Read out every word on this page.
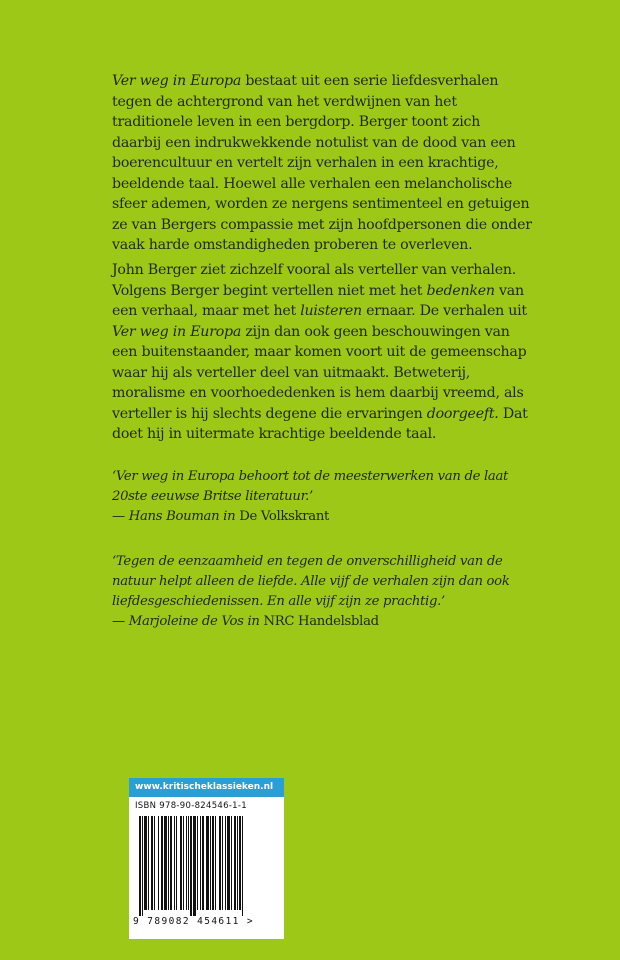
Ver weg in Europa bestaat uit een serie liefdesverhalen tegen de achtergrond van het verdwijnen van het traditionele leven in een bergdorp. Berger toont zich daarbij een indrukwekkende notulist van de dood van een boerencultuur en vertelt zijn verhalen in een krachtige, beeldende taal. Hoewel alle verhalen een melancholische sfeer ademen, worden ze nergens sentimenteel en getuigen ze van Bergers compassie met zijn hoofdpersonen die onder vaak harde omstandigheden proberen te overleven.

John Berger ziet zichzelf vooral als verteller van verhalen. Volgens Berger begint vertellen niet met het bedenken van een verhaal, maar met het luisteren ernaar. De verhalen uit Ver weg in Europa zijn dan ook geen beschouwingen van een buitenstaander, maar komen voort uit de gemeenschap waar hij als verteller deel van uitmaakt. Betweterij, moralisme en voorhoededenken is hem daarbij vreemd, als verteller is hij slechts degene die ervaringen doorgeeft. Dat doet hij in uitermate krachtige beeldende taal.

‘Ver weg in Europa behoort tot de meesterwerken van de laat 20ste eeuwse Britse literatuur.’

— Hans Bouman in De Volkskrant

‘Tegen de eenzaamheid en tegen de onverschilligheid van de natuur helpt alleen de liefde. Alle vijf de verhalen zijn dan ook liefdesgeschiedenissen. En alle vijf zijn ze prachtig.’

— Marjoleine de Vos in NRC Handelsblad

www.kritischeklassieken.nl
ISBN 978-90-824546-1-1
9 789082 454611 >
